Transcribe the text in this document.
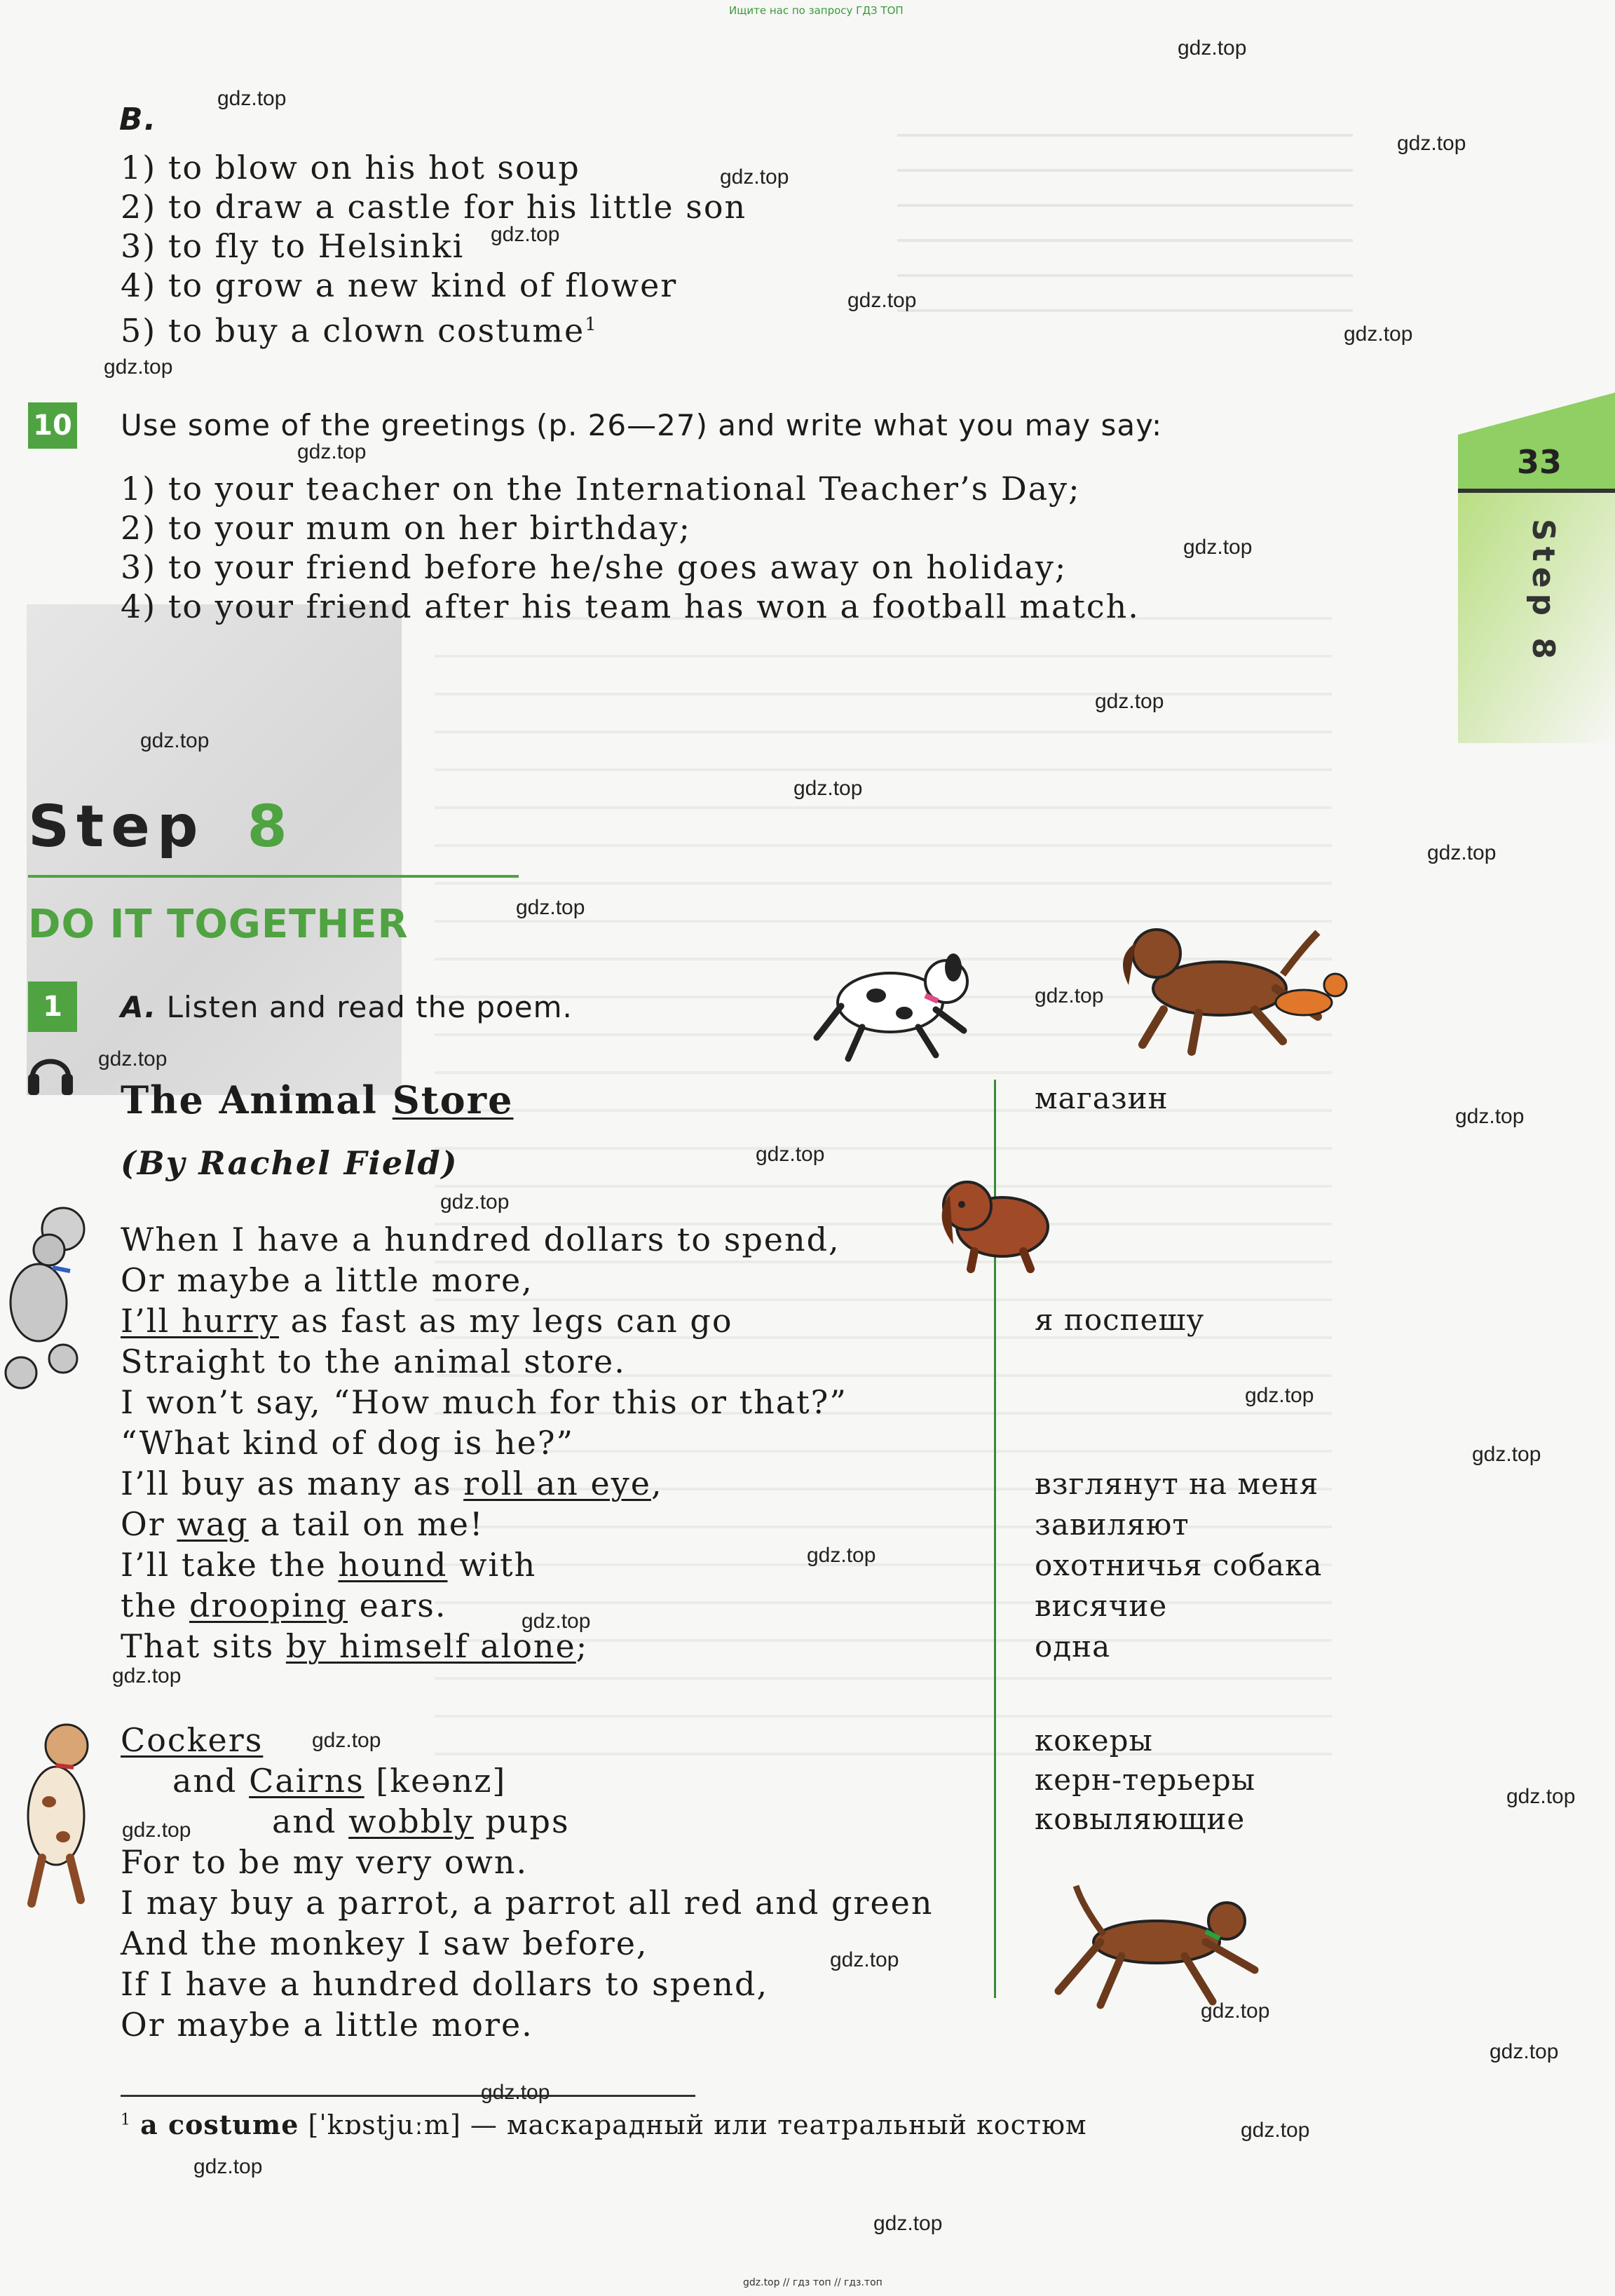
Ищите нас по запросу ГДЗ ТОП
gdz.top // гдз топ // гдз.топ
33
Step 8
B.
1) to blow on his hot soup
2) to draw a castle for his little son
3) to fly to Helsinki
4) to grow a new kind of flower
5) to buy a clown costume$^1$
10 Use some of the greetings (p. 26—27) and write what you may say:
1) to your teacher on the International Teacher’s Day;
2) to your mum on her birthday;
3) to your friend before he/she goes away on holiday;
4) to your friend after his team has won a football match.
Step 8
DO IT TOGETHER
1	A. Listen and read the poem.
The Animal Store
(By Rachel Field)
When I have a hundred dollars to spend,
Or maybe a little more,
I’ll hurry as fast as my legs can go
Straight to the animal store.
I won’t say, “How much for this or that?”
“What kind of dog is he?”
I’ll buy as many as roll an eye,
Or wag a tail on me!
I’ll take the hound with
the drooping ears.
That sits by himself alone;
Cockers
and Cairns [keənz]
and wobbly pups
For to be my very own.
I may buy a parrot, a parrot all red and green
And the monkey I saw before,
If I have a hundred dollars to spend,
Or maybe a little more.
магазин
я поспешу
взглянут на меня
завиляют
охотничья собака
висячие
одна
кокеры
керн-терьеры
ковыляющие
$^1$ a costume [ˈkɒstjuːm] — маскарадный или театральный костюм
gdz.top
gdz.top
gdz.top
gdz.top
gdz.top
gdz.top
gdz.top
gdz.top
gdz.top
gdz.top
gdz.top
gdz.top
gdz.top
gdz.top
gdz.top
gdz.top
gdz.top
gdz.top
gdz.top
gdz.top
gdz.top
gdz.top
gdz.top
gdz.top
gdz.top
gdz.top
gdz.top
gdz.top
gdz.top
gdz.top
gdz.top
gdz.top
gdz.top
gdz.top
gdz.top
